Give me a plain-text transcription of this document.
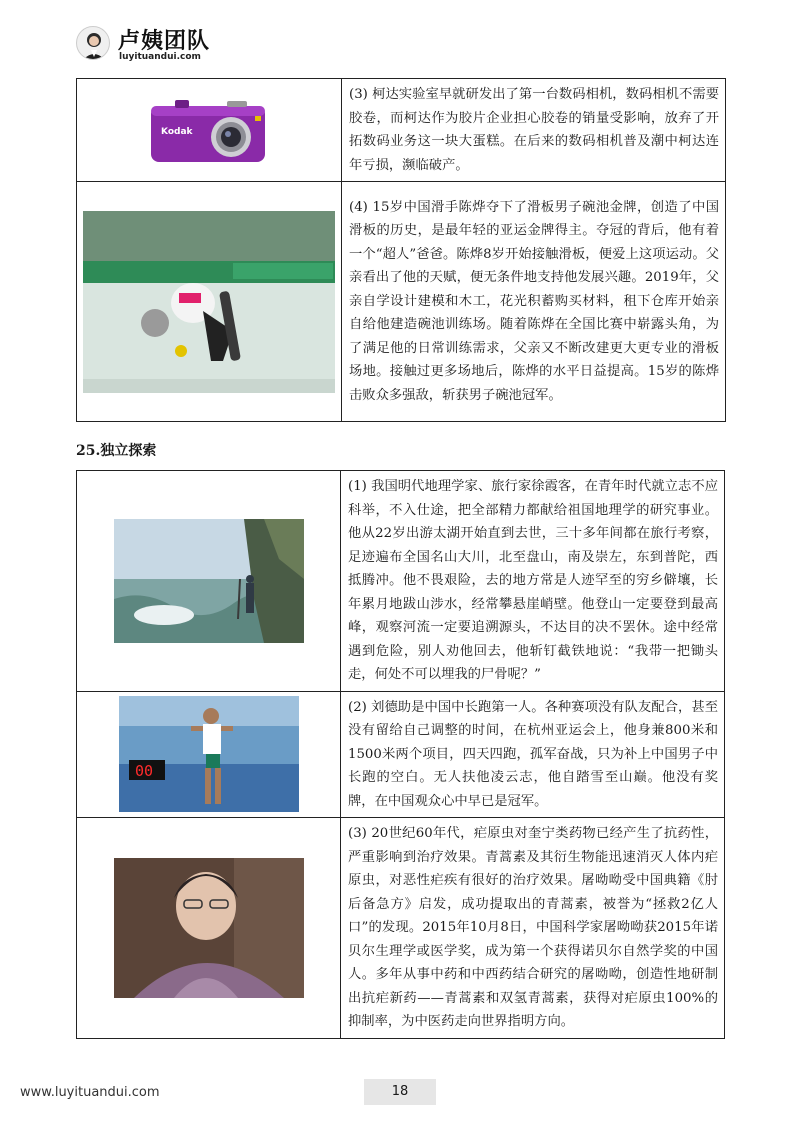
卢姨团队
luyituandui.com
Kodak	(3) 柯达实验室早就研发出了第一台数码相机，数码相机不需要胶卷，而柯达作为胶片企业担心胶卷的销量受影响，放弃了开拓数码业务这一块大蛋糕。在后来的数码相机普及潮中柯达连年亏损，濒临破产。

	(4) 15岁中国滑手陈烨夺下了滑板男子碗池金牌，创造了中国滑板的历史，是最年轻的亚运金牌得主。夺冠的背后，他有着一个“超人”爸爸。陈烨8岁开始接触滑板，便爱上这项运动。父亲看出了他的天赋，便无条件地支持他发展兴趣。2019年，父亲自学设计建模和木工，花光积蓄购买材料，租下仓库开始亲自给他建造碗池训练场。随着陈烨在全国比赛中崭露头角，为了满足他的日常训练需求，父亲又不断改建更大更专业的滑板场地。接触过更多场地后，陈烨的水平日益提高。15岁的陈烨击败众多强敌，斩获男子碗池冠军。
25.独立探索
	(1) 我国明代地理学家、旅行家徐霞客，在青年时代就立志不应科举，不入仕途，把全部精力都献给祖国地理学的研究事业。他从22岁出游太湖开始直到去世，三十多年间都在旅行考察，足迹遍布全国名山大川，北至盘山，南及崇左，东到普陀，西抵腾冲。他不畏艰险，去的地方常是人迹罕至的穷乡僻壤，长年累月地跋山涉水，经常攀悬崖峭壁。他登山一定要登到最高峰，观察河流一定要追溯源头，不达目的决不罢休。途中经常遇到危险，别人劝他回去，他斩钉截铁地说：“我带一把锄头走，何处不可以埋我的尸骨呢？”

00	(2) 刘德助是中国中长跑第一人。各种赛项没有队友配合，甚至没有留给自己调整的时间，在杭州亚运会上，他身兼800米和1500米两个项目，四天四跑，孤军奋战，只为补上中国男子中长跑的空白。无人扶他凌云志，他自踏雪至山巅。他没有奖牌，在中国观众心中早已是冠军。

	(3) 20世纪60年代，疟原虫对奎宁类药物已经产生了抗药性，严重影响到治疗效果。青蒿素及其衍生物能迅速消灭人体内疟原虫，对恶性疟疾有很好的治疗效果。屠呦呦受中国典籍《肘后备急方》启发，成功提取出的青蒿素，被誉为“拯救2亿人口”的发现。2015年10月8日，中国科学家屠呦呦获2015年诺贝尔生理学或医学奖，成为第一个获得诺贝尔自然学奖的中国人。多年从事中药和中西药结合研究的屠呦呦，创造性地研制出抗疟新药——青蒿素和双氢青蒿素，获得对疟原虫100%的抑制率，为中医药走向世界指明方向。
www.luyituandui.com	18
